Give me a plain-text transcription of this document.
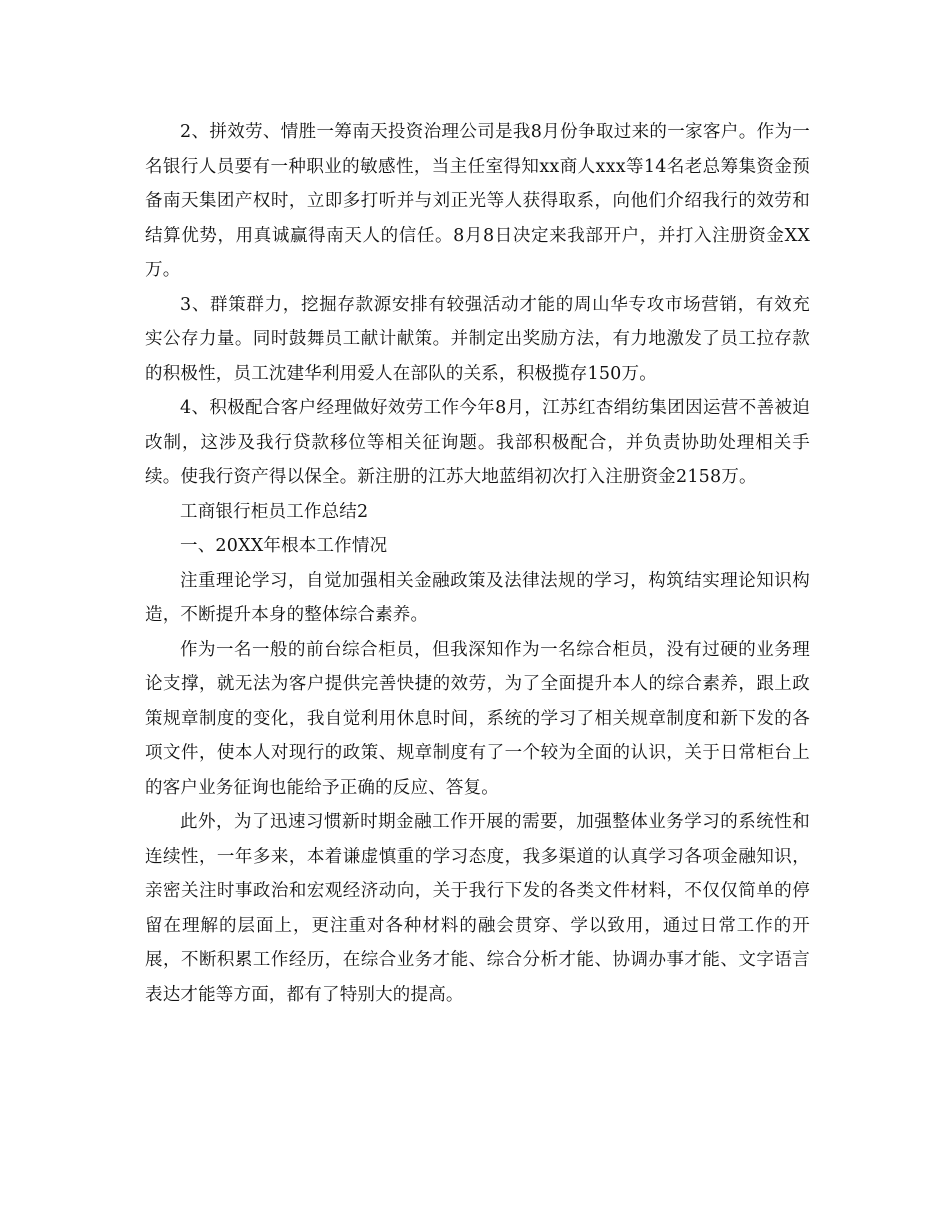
2、拼效劳、情胜一筹南天投资治理公司是我8月份争取过来的一家客户。作为一名银行人员要有一种职业的敏感性，当主任室得知xx商人xxx等14名老总筹集资金预备南天集团产权时，立即多打听并与刘正光等人获得取系，向他们介绍我行的效劳和结算优势，用真诚赢得南天人的信任。8月8日决定来我部开户，并打入注册资金XX万。

3、群策群力，挖掘存款源安排有较强活动才能的周山华专攻市场营销，有效充实公存力量。同时鼓舞员工献计献策。并制定出奖励方法，有力地激发了员工拉存款的积极性，员工沈建华利用爱人在部队的关系，积极揽存150万。

4、积极配合客户经理做好效劳工作今年8月，江苏红杏绢纺集团因运营不善被迫改制，这涉及我行贷款移位等相关征询题。我部积极配合，并负责协助处理相关手续。使我行资产得以保全。新注册的江苏大地蓝绢初次打入注册资金2158万。

工商银行柜员工作总结2

一、20XX年根本工作情况

注重理论学习，自觉加强相关金融政策及法律法规的学习，构筑结实理论知识构造，不断提升本身的整体综合素养。

作为一名一般的前台综合柜员，但我深知作为一名综合柜员，没有过硬的业务理论支撑，就无法为客户提供完善快捷的效劳，为了全面提升本人的综合素养，跟上政策规章制度的变化，我自觉利用休息时间，系统的学习了相关规章制度和新下发的各项文件，使本人对现行的政策、规章制度有了一个较为全面的认识，关于日常柜台上的客户业务征询也能给予正确的反应、答复。

此外，为了迅速习惯新时期金融工作开展的需要，加强整体业务学习的系统性和连续性，一年多来，本着谦虚慎重的学习态度，我多渠道的认真学习各项金融知识，亲密关注时事政治和宏观经济动向，关于我行下发的各类文件材料，不仅仅简单的停留在理解的层面上，更注重对各种材料的融会贯穿、学以致用，通过日常工作的开展，不断积累工作经历，在综合业务才能、综合分析才能、协调办事才能、文字语言表达才能等方面，都有了特别大的提高。
